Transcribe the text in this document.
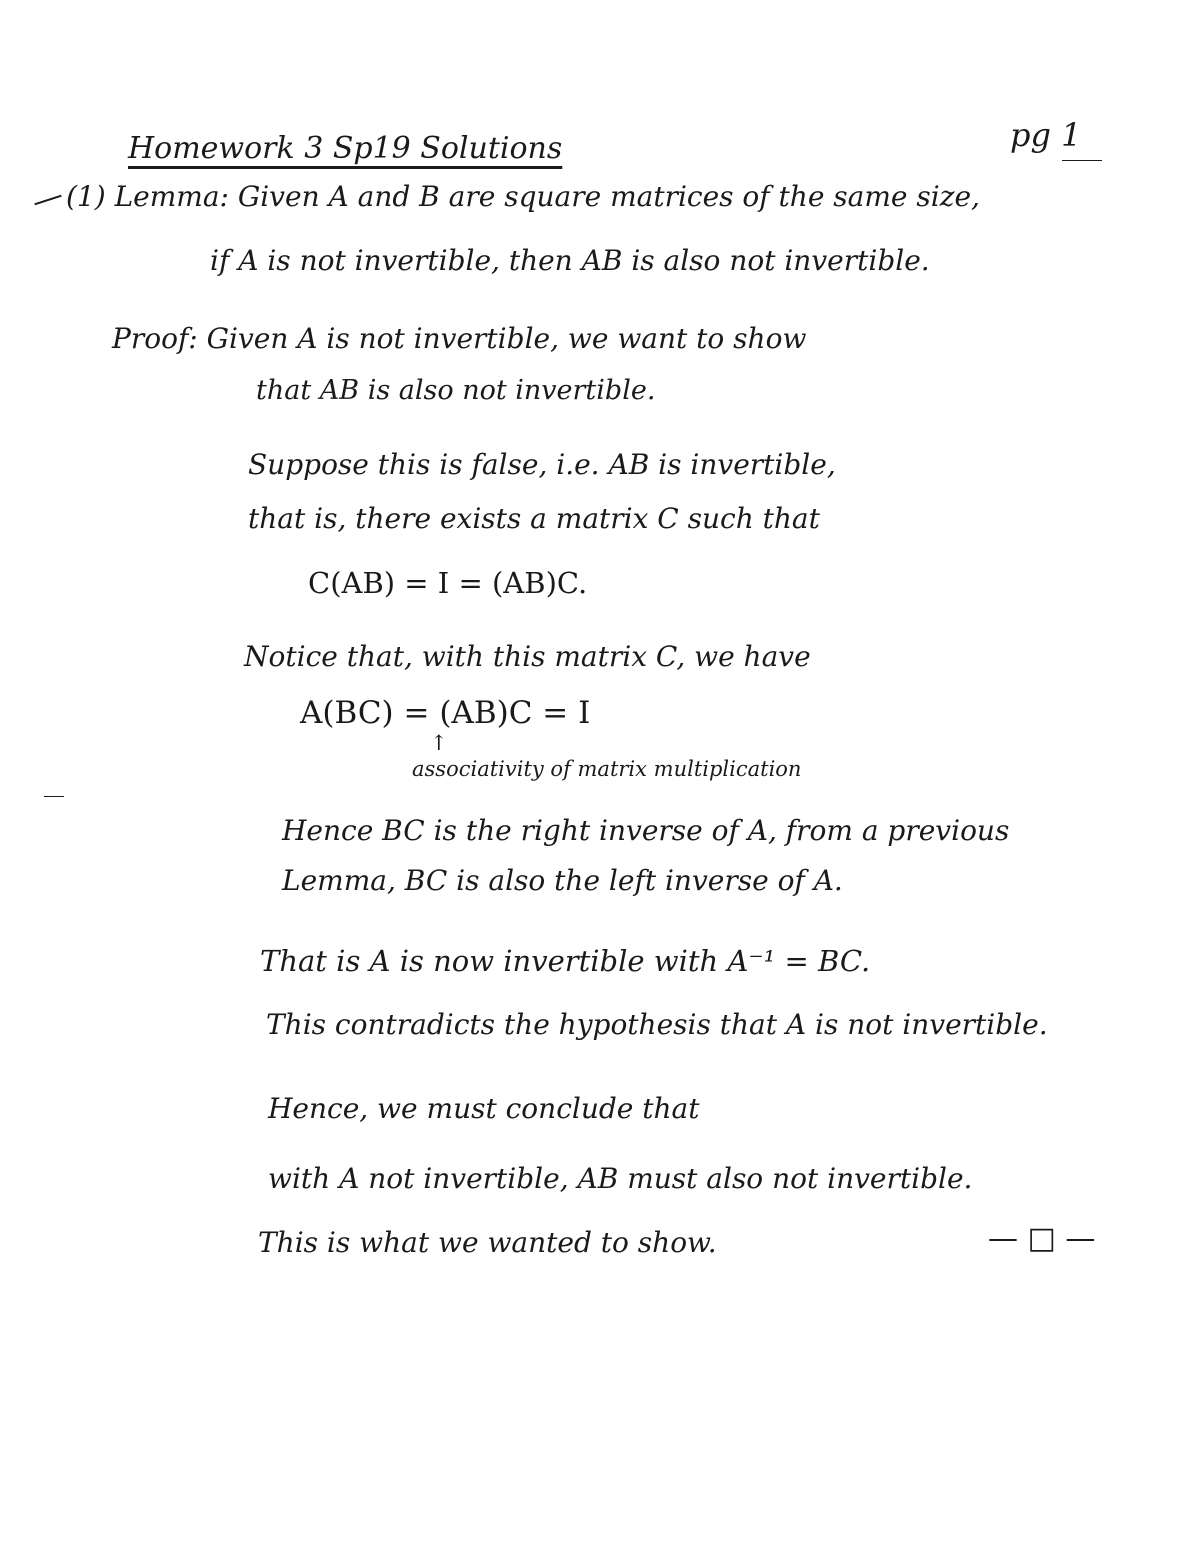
Homework 3 Sp19 Solutions	pg 1
(1) Lemma: Given A and B are square matrices of the same size,
if A is not invertible, then AB is also not invertible.
Proof: Given A is not invertible, we want to show
that AB is also not invertible.
Suppose this is false, i.e. AB is invertible,
that is, there exists a matrix C such that
C(AB) = I = (AB)C.
Notice that, with this matrix C, we have
A(BC) = (AB)C = I
↑
associativity of matrix multiplication
Hence BC is the right inverse of A, from a previous
Lemma, BC is also the left inverse of A.
That is A is now invertible with A⁻¹ = BC.
This contradicts the hypothesis that A is not invertible.
Hence, we must conclude that
with A not invertible, AB must also not invertible.
This is what we wanted to show.	— □ —
